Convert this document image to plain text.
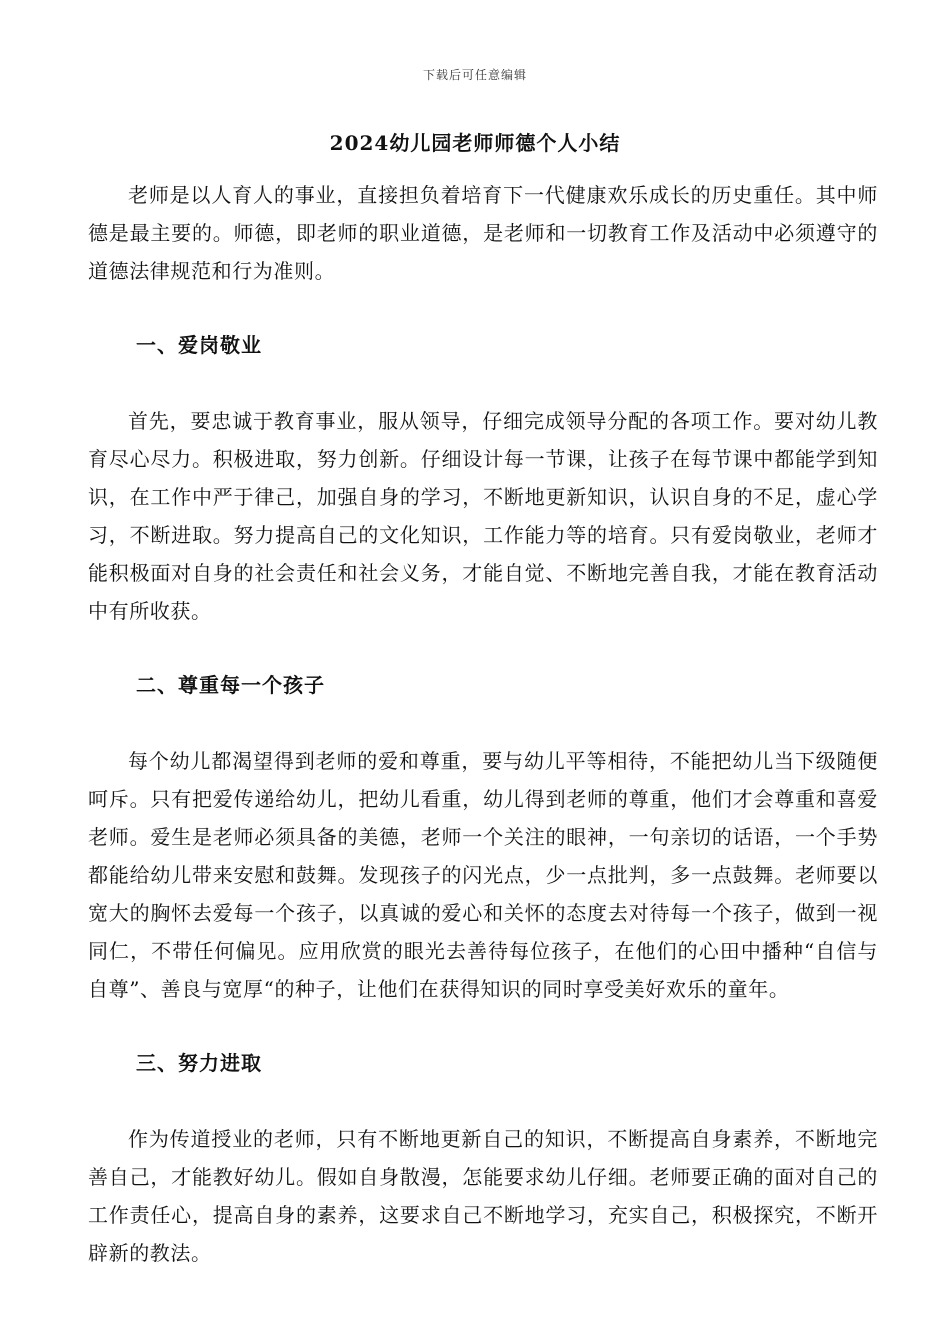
下载后可任意编辑
2024幼儿园老师师德个人小结

老师是以人育人的事业，直接担负着培育下一代健康欢乐成长的历史重任。其中师德是最主要的。师德，即老师的职业道德，是老师和一切教育工作及活动中必须遵守的道德法律规范和行为准则。

一、爱岗敬业

首先，要忠诚于教育事业，服从领导，仔细完成领导分配的各项工作。要对幼儿教育尽心尽力。积极进取，努力创新。仔细设计每一节课，让孩子在每节课中都能学到知识，在工作中严于律己，加强自身的学习，不断地更新知识，认识自身的不足，虚心学习，不断进取。努力提高自己的文化知识，工作能力等的培育。只有爱岗敬业，老师才能积极面对自身的社会责任和社会义务，才能自觉、不断地完善自我，才能在教育活动中有所收获。

二、尊重每一个孩子

每个幼儿都渴望得到老师的爱和尊重，要与幼儿平等相待，不能把幼儿当下级随便呵斥。只有把爱传递给幼儿，把幼儿看重，幼儿得到老师的尊重，他们才会尊重和喜爱老师。爱生是老师必须具备的美德，老师一个关注的眼神，一句亲切的话语，一个手势都能给幼儿带来安慰和鼓舞。发现孩子的闪光点，少一点批判，多一点鼓舞。老师要以宽大的胸怀去爱每一个孩子，以真诚的爱心和关怀的态度去对待每一个孩子，做到一视同仁，不带任何偏见。应用欣赏的眼光去善待每位孩子，在他们的心田中播种“自信与自尊”、善良与宽厚“的种子，让他们在获得知识的同时享受美好欢乐的童年。

三、努力进取

作为传道授业的老师，只有不断地更新自己的知识，不断提高自身素养，不断地完善自己，才能教好幼儿。假如自身散漫，怎能要求幼儿仔细。老师要正确的面对自己的工作责任心，提高自身的素养，这要求自己不断地学习，充实自己，积极探究，不断开辟新的教法。
